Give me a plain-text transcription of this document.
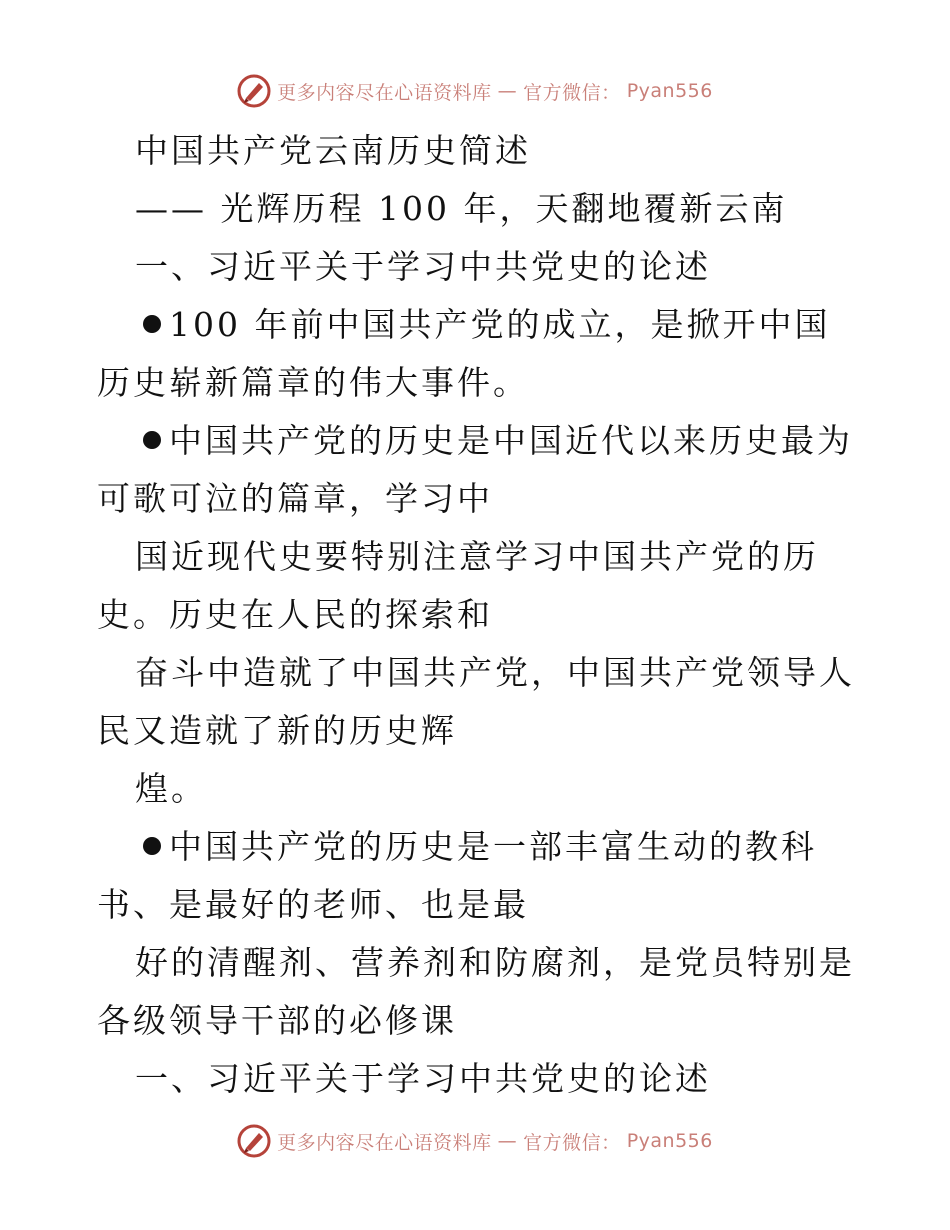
更多内容尽在心语资料库 — 官方微信： Pyan556

中国共产党云南历史简述

—— 光辉历程 100 年，天翻地覆新云南

一、习近平关于学习中共党史的论述

100 年前中国共产党的成立，是掀开中国历史崭新篇章的伟大事件。

中国共产党的历史是中国近代以来历史最为可歌可泣的篇章，学习中

国近现代史要特别注意学习中国共产党的历史。历史在人民的探索和

奋斗中造就了中国共产党，中国共产党领导人民又造就了新的历史辉

煌。

中国共产党的历史是一部丰富生动的教科书、是最好的老师、也是最

好的清醒剂、营养剂和防腐剂，是党员特别是各级领导干部的必修课

一、习近平关于学习中共党史的论述

更多内容尽在心语资料库 — 官方微信： Pyan556
